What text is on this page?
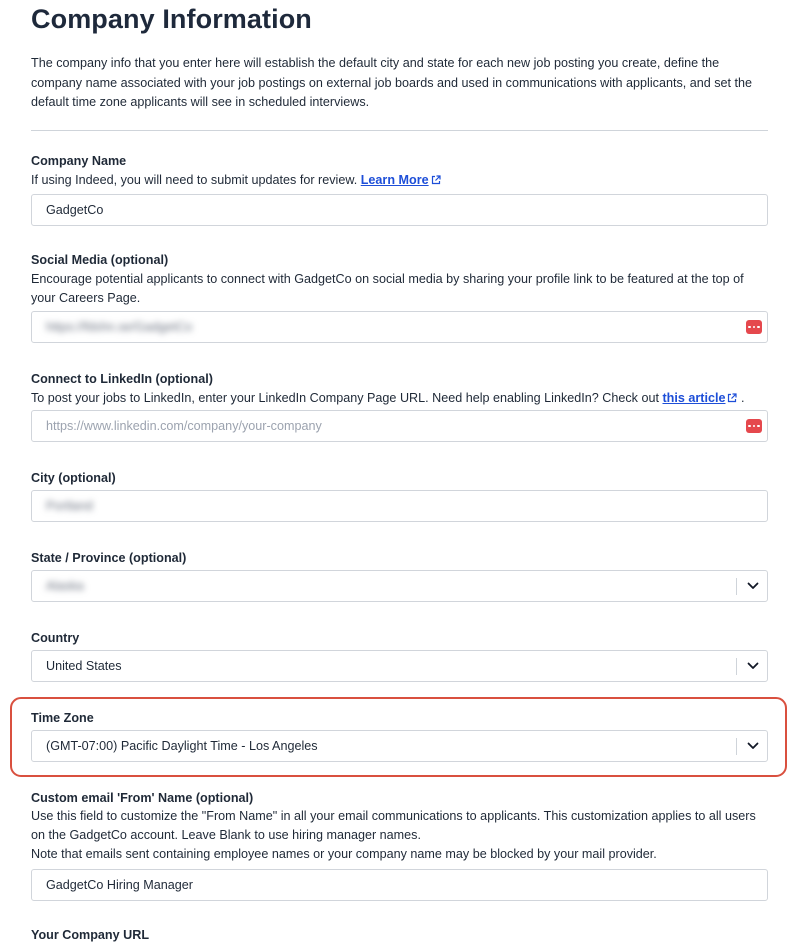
Company Information
The company info that you enter here will establish the default city and state for each new job posting you create, define the company name associated with your job postings on external job boards and used in communications with applicants, and set the default time zone applicants will see in scheduled interviews.
Company Name
If using Indeed, you will need to submit updates for review. Learn More
GadgetCo
Social Media (optional)
Encourage potential applicants to connect with GadgetCo on social media by sharing your profile link to be featured at the top of your Careers Page.
https://fdshn.se/GadgetCo
Connect to LinkedIn (optional)
To post your jobs to LinkedIn, enter your LinkedIn Company Page URL. Need help enabling LinkedIn? Check out this article .
https://www.linkedin.com/company/your-company
City (optional)
Portland
State / Province (optional)
Alaska
Country
United States
Time Zone
(GMT-07:00) Pacific Daylight Time - Los Angeles
Custom email 'From' Name (optional)
Use this field to customize the "From Name" in all your email communications to applicants. This customization applies to all users on the GadgetCo account. Leave Blank to use hiring manager names.
Note that emails sent containing employee names or your company name may be blocked by your mail provider.
GadgetCo Hiring Manager
Your Company URL
